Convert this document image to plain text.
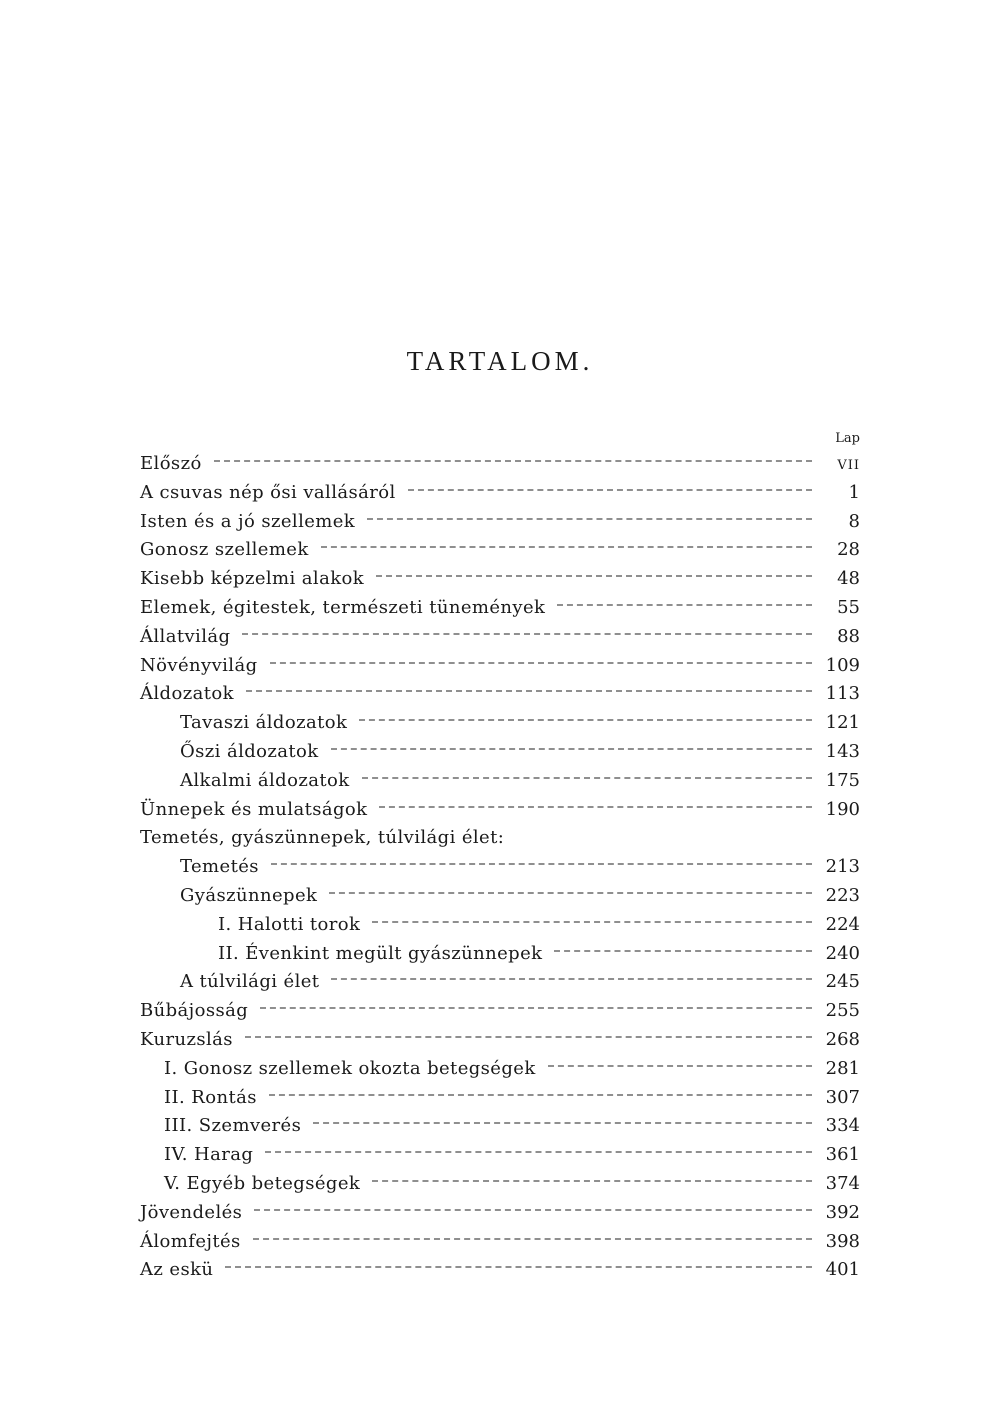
TARTALOM.
Lap
Előszó	VII
A csuvas nép ősi vallásáról	1
Isten és a jó szellemek	8
Gonosz szellemek	28
Kisebb képzelmi alakok	48
Elemek, égitestek, természeti tünemények	55
Állatvilág	88
Növényvilág	109
Áldozatok	113
Tavaszi áldozatok	121
Őszi áldozatok	143
Alkalmi áldozatok	175
Ünnepek és mulatságok	190
Temetés, gyászünnepek, túlvilági élet:
Temetés	213
Gyászünnepek	223
I. Halotti torok	224
II. Évenkint megült gyászünnepek	240
A túlvilági élet	245
Bűbájosság	255
Kuruzslás	268
I. Gonosz szellemek okozta betegségek	281
II. Rontás	307
III. Szemverés	334
IV. Harag	361
V. Egyéb betegségek	374
Jövendelés	392
Álomfejtés	398
Az eskü	401
